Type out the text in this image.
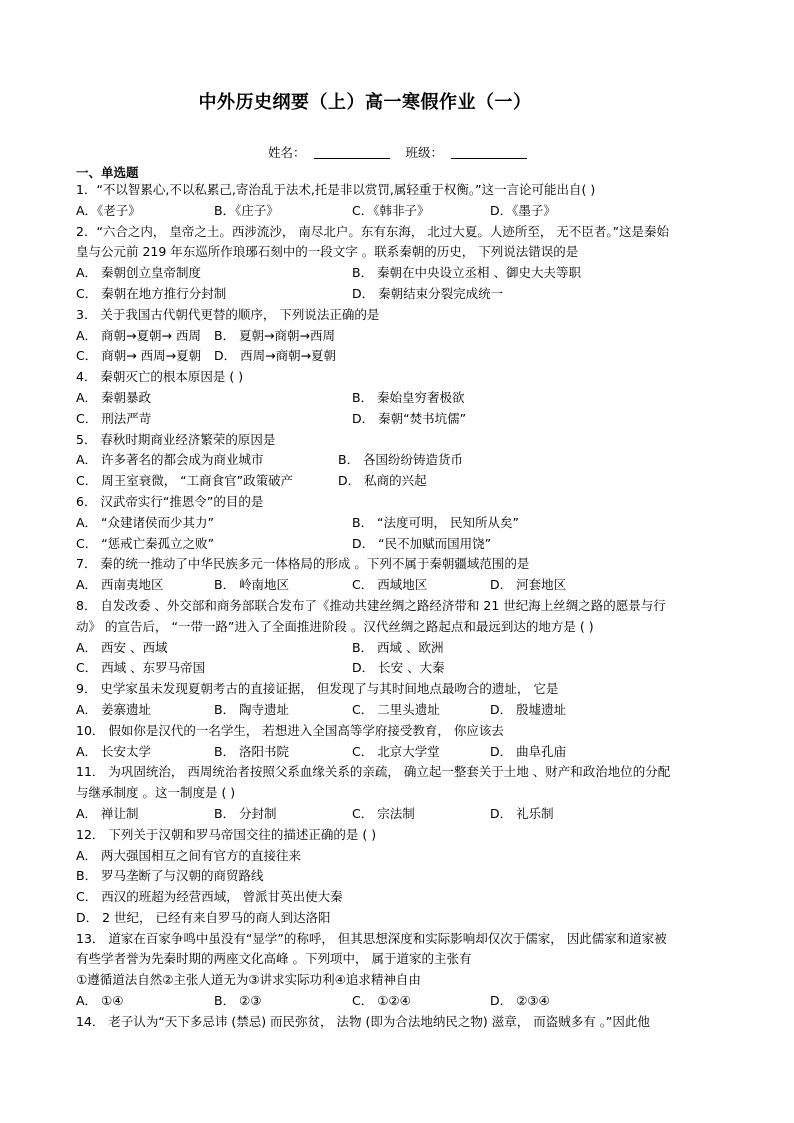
中外历史纲要（上）高一寒假作业（一）
姓名：	班级：
一、单选题
1．“不以智累心,不以私累己,寄治乱于法术,托是非以赏罚,属轻重于权衡。”这一言论可能出自( )
A．《老子》	B．《庄子》	C．《韩非子》	D．《墨子》
2．“六合之内， 皇帝之土。西涉流沙， 南尽北户。东有东海， 北过大夏。人迹所至， 无不臣者。”这是秦始
皇与公元前 219 年东巡所作琅琊石刻中的一段文字 。联系秦朝的历史， 下列说法错误的是
A． 秦朝创立皇帝制度	B． 秦朝在中央设立丞相 、御史大夫等职
C． 秦朝在地方推行分封制	D． 秦朝结束分裂完成统一
3． 关于我国古代朝代更替的顺序， 下列说法正确的是
A． 商朝→夏朝→ 西周 B． 夏朝→商朝→西周
C． 商朝→ 西周→夏朝 D． 西周→商朝→夏朝
4． 秦朝灭亡的根本原因是 ( )
A． 秦朝暴政	B． 秦始皇穷奢极欲
C． 刑法严苛	D． 秦朝“焚书坑儒”
5． 春秋时期商业经济繁荣的原因是
A． 许多著名的都会成为商业城市	B． 各国纷纷铸造货币
C． 周王室衰微， “工商食官”政策破产	D． 私商的兴起
6． 汉武帝实行“推恩令”的目的是
A． “众建诸侯而少其力”	B． “法度可明， 民知所从矣”
C． “惩戒亡秦孤立之败”	D． “民不加赋而国用饶”
7． 秦的统一推动了中华民族多元一体格局的形成 。下列不属于秦朝疆域范围的是
A． 西南夷地区	B． 岭南地区	C． 西域地区	D． 河套地区
8． 自发改委 、外交部和商务部联合发布了《推动共建丝绸之路经济带和 21 世纪海上丝绸之路的愿景与行
动》 的宣告后， “一带一路”进入了全面推进阶段 。汉代丝绸之路起点和最远到达的地方是 ( )
A． 西安 、西域	B． 西域 、欧洲
C． 西域 、东罗马帝国	D． 长安 、大秦
9． 史学家虽未发现夏朝考古的直接证据， 但发现了与其时间地点最吻合的遗址， 它是
A． 姜寨遗址	B． 陶寺遗址	C． 二里头遗址	D． 殷墟遗址
10． 假如你是汉代的一名学生， 若想进入全国高等学府接受教育， 你应该去
A． 长安太学	B． 洛阳书院	C． 北京大学堂	D． 曲阜孔庙
11． 为巩固统治， 西周统治者按照父系血缘关系的亲疏， 确立起一整套关于土地 、财产和政治地位的分配
与继承制度 。这一制度是 ( )
A． 禅让制	B． 分封制	C． 宗法制	D． 礼乐制
12． 下列关于汉朝和罗马帝国交往的描述正确的是 ( )
A． 两大强国相互之间有官方的直接往来
B． 罗马垄断了与汉朝的商贸路线
C． 西汉的班超为经营西域， 曾派甘英出使大秦
D． 2 世纪， 已经有来自罗马的商人到达洛阳
13． 道家在百家争鸣中虽没有“显学”的称呼， 但其思想深度和实际影响却仅次于儒家， 因此儒家和道家被
有些学者誉为先秦时期的两座文化高峰 。下列项中， 属于道家的主张有
①遵循道法自然②主张人道无为③讲求实际功利④追求精神自由
A． ①④	B． ②③	C． ①②④	D． ②③④
14． 老子认为“天下多忌讳 (禁忌) 而民弥贫， 法物 (即为合法地纳民之物) 滋章， 而盗贼多有 。”因此他
